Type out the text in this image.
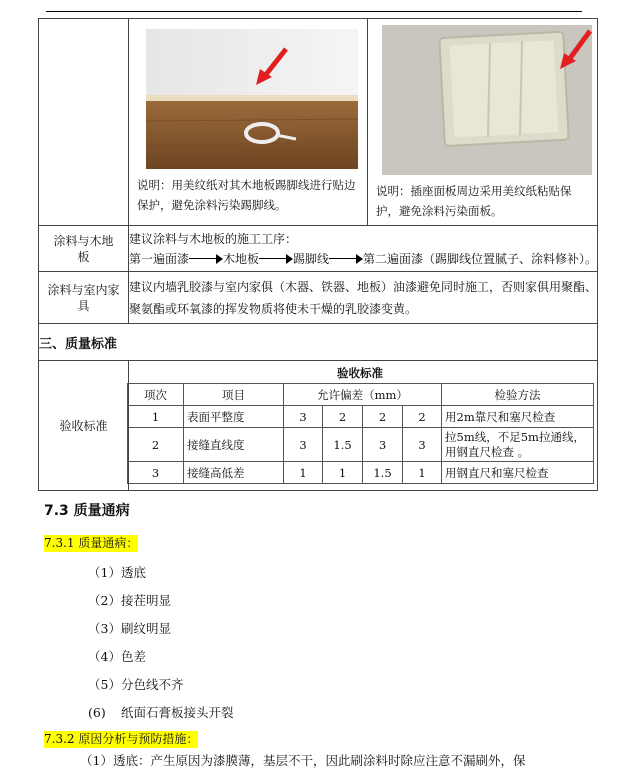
说明：用美纹纸对其木地板踢脚线进行贴边保护，避免涂料污染踢脚线。

说明：插座面板周边采用美纹纸粘贴保护，避免涂料污染面板。

涂料与木地板	
建议涂料与木地板的施工工序：
第一遍面漆	木地板	踢脚线	第二遍面漆（踢脚线位置腻子、涂料修补）。

涂料与室内家具	建议内墙乳胶漆与室内家俱（木器、铁器、地板）油漆避免同时施工，否则家俱用聚酯、聚氨酯或环氧漆的挥发物质将使未干燥的乳胶漆变黄。
三、质量标准
验收标准	
验收标准
项次	项目	允许偏差（mm）	检验方法
1	表面平整度	3	2	2	2	用2m靠尺和塞尺检查
2	接缝直线度	3	1.5	3	3	拉5m线，不足5m拉通线，用钢直尺检查 。
3	接缝高低差	1	1	1.5	1	用钢直尺和塞尺检查
7.3 质量通病
7.3.1 质量通病：
（1）透底
（2）接茬明显
（3）刷纹明显
（4）色差
（5）分色线不齐
(6) 纸面石膏板接头开裂
7.3.2 原因分析与预防措施：
（1）透底：产生原因为漆膜薄，基层不干，因此刷涂料时除应注意不漏刷外，保
